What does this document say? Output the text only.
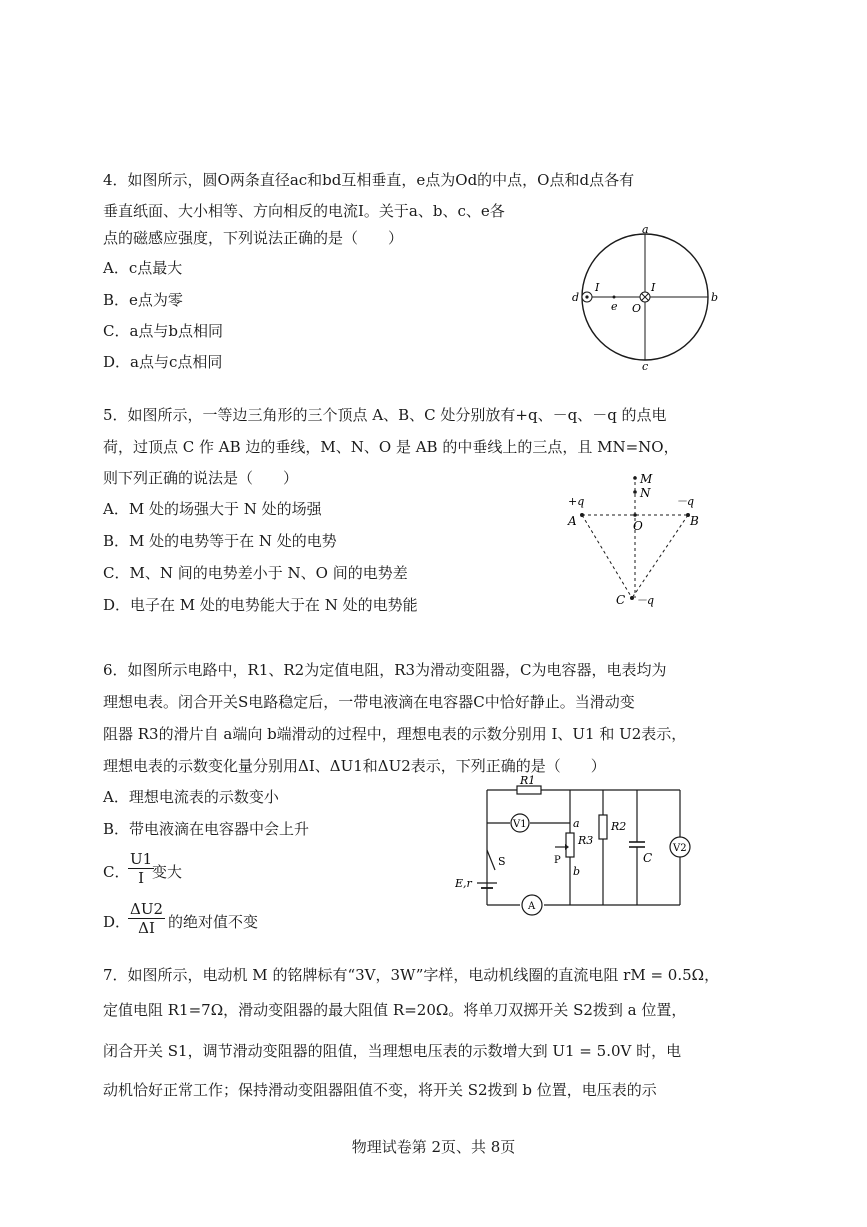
4．如图所示，圆O两条直径ac和bd互相垂直，e点为Od的中点，O点和d点各有
垂直纸面、大小相等、方向相反的电流I。关于a、b、c、e各
点的磁感应强度，下列说法正确的是（　　）
A．c点最大
B．e点为零
C．a点与b点相同
D．a点与c点相同
a
b
c
d
e O
I
I
5．如图所示，一等边三角形的三个顶点 A、B、C 处分别放有+q、－q、－q 的点电
荷，过顶点 C 作 AB 边的垂线，M、N、O 是 AB 的中垂线上的三点，且 MN=NO，
则下列正确的说法是（　　）
A．M 处的场强大于 N 处的场强
B．M 处的电势等于在 N 处的电势
C．M、N 间的电势差小于 N、O 间的电势差
D．电子在 M 处的电势能大于在 N 处的电势能
M
N
O
A	B
C
+q	－q
－q
6．如图所示电路中，R1、R2为定值电阻，R3为滑动变阻器，C为电容器，电表均为
理想电表。闭合开关S电路稳定后，一带电液滴在电容器C中恰好静止。当滑动变
阻器 R3的滑片自 a端向 b端滑动的过程中，理想电表的示数分别用 I、U1 和 U2表示，
理想电表的示数变化量分别用ΔI、ΔU1和ΔU2表示，下列正确的是（　　）
A．理想电流表的示数变小
B．带电液滴在电容器中会上升
C．
$\frac{U1}{I}$
变大
D．
$\frac{\Delta U2}{\Delta I}$ 的绝对值不变
R1
R3
R2
C
V1
V2
A
S
E,r
P
a
b
7．如图所示，电动机 M 的铭牌标有“3V，3W”字样，电动机线圈的直流电阻 rM = 0.5Ω，
定值电阻 R1=7Ω，滑动变阻器的最大阻值 R=20Ω。将单刀双掷开关 S2拨到 a 位置，
闭合开关 S1，调节滑动变阻器的阻值，当理想电压表的示数增大到 U1 = 5.0V 时，电
动机恰好正常工作；保持滑动变阻器阻值不变，将开关 S2拨到 b 位置，电压表的示
物理试卷第 2页、共 8页
